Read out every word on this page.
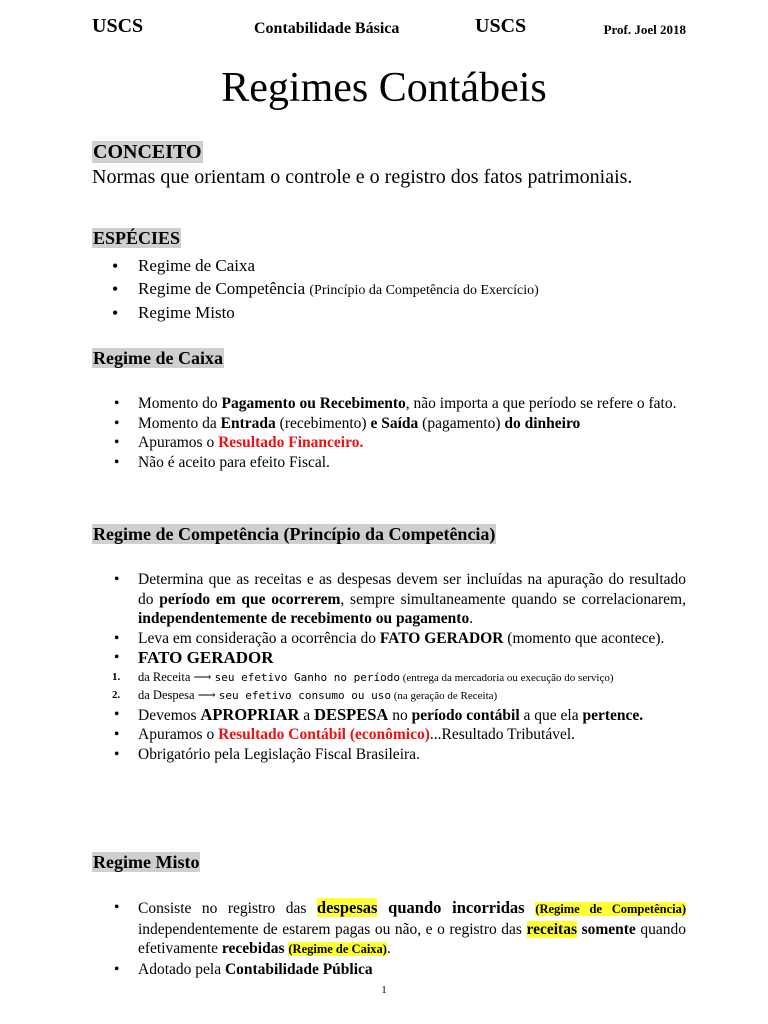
USCS	Contabilidade Básica	USCS	Prof. Joel 2018
Regimes Contábeis
CONCEITO

Normas que orientam o controle e o registro dos fatos patrimoniais.

ESPÉCIES
• Regime de Caixa
• Regime de Competência (Princípio da Competência do Exercício)
• Regime Misto
Regime de Caixa
• Momento do Pagamento ou Recebimento, não importa a que período se refere o fato.
• Momento da Entrada (recebimento) e Saída (pagamento) do dinheiro
• Apuramos o Resultado Financeiro.
• Não é aceito para efeito Fiscal.
Regime de Competência (Princípio da Competência)
• Determina que as receitas e as despesas devem ser incluídas na apuração do resultado do período em que ocorrerem, sempre simultaneamente quando se correlacionarem, independentemente de recebimento ou pagamento.
• Leva em consideração a ocorrência do FATO GERADOR (momento que acontece).
• FATO GERADOR
1. da Receita ⟶ seu efetivo Ganho no período (entrega da mercadoria ou execução do serviço)
2. da Despesa ⟶ seu efetivo consumo ou uso (na geração de Receita)
• Devemos APROPRIAR a DESPESA no período contábil a que ela pertence.
• Apuramos o Resultado Contábil (econômico)...Resultado Tributável.
• Obrigatório pela Legislação Fiscal Brasileira.
Regime Misto
• Consiste no registro das despesas quando incorridas (Regime de Competência) independentemente de estarem pagas ou não, e o registro das receitas somente quando efetivamente recebidas (Regime de Caixa).
• Adotado pela Contabilidade Pública
1
